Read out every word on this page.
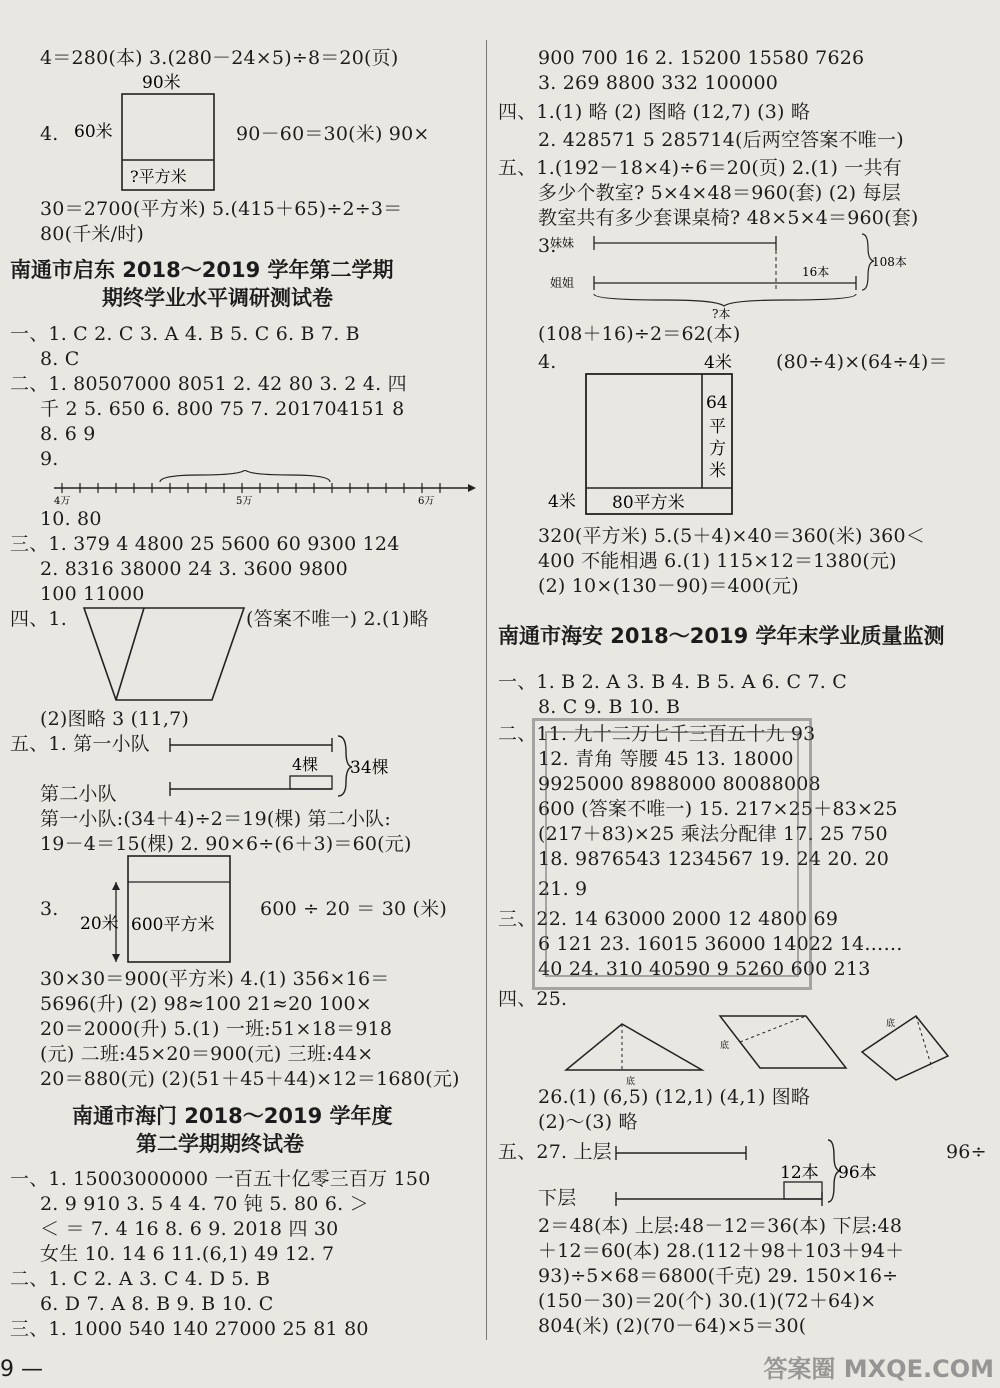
4＝280(本) 3.(280－24×5)÷8＝20(页)
4.	90－60＝30(米) 90×
30＝2700(平方米) 5.(415＋65)÷2÷3＝
80(千米/时)
一、1. C 2. C 3. A 4. B 5. C 6. B 7. B
8. C
二、1. 80507000 8051 2. 42 80 3. 2 4. 四
千 2 5. 650 6. 800 75 7. 201704151 8
8. 6 9
9.
10. 80
三、1. 379 4 4800 25 5600 60 9300 124
2. 8316 38000 24 3. 3600 9800
100 11000
四、1.	(答案不唯一) 2.(1)略
(2)图略 3 (11,7)
五、1. 第一小队
第二小队
第一小队:(34＋4)÷2＝19(棵) 第二小队:
19－4＝15(棵) 2. 90×6÷(6＋3)＝60(元)
3.	600 ÷ 20 ＝ 30 (米)
30×30＝900(平方米) 4.(1) 356×16＝
5696(升) (2) 98≈100 21≈20 100×
20＝2000(升) 5.(1) 一班:51×18＝918
(元) 二班:45×20＝900(元) 三班:44×
20＝880(元) (2)(51＋45＋44)×12＝1680(元)
一、1. 15003000000 一百五十亿零三百万 150
2. 9 910 3. 5 4 4. 70 钝 5. 80 6. ＞
＜ ＝ 7. 4 16 8. 6 9. 2018 四 30
女生 10. 14 6 11.(6,1) 49 12. 7
二、1. C 2. A 3. C 4. D 5. B
6. D 7. A 8. B 9. B 10. C
三、1. 1000 540 140 27000 25 81 80
南通市启东 2018～2019 学年第二学期
期终学业水平调研测试卷
南通市海门 2018～2019 学年度
第二学期期终试卷
900 700 16 2. 15200 15580 7626
3. 269 8800 332 100000
四、1.(1) 略 (2) 图略 (12,7) (3) 略
2. 428571 5 285714(后两空答案不唯一)
五、1.(192－18×4)÷6＝20(页) 2.(1) 一共有
多少个教室? 5×4×48＝960(套) (2) 每层
教室共有多少套课桌椅? 48×5×4＝960(套)
3.
(108＋16)÷2＝62(本)
4.	(80÷4)×(64÷4)＝
320(平方米) 5.(5＋4)×40＝360(米) 360＜
400 不能相遇 6.(1) 115×12＝1380(元)
(2) 10×(130－90)＝400(元)
一、1. B 2. A 3. B 4. B 5. A 6. C 7. C
8. C 9. B 10. B
二、11. 九十二万七千三百五十九 93
12. 青角 等腰 45 13. 18000
9925000 8988000 80088008
600 (答案不唯一) 15. 217×25＋83×25
(217＋83)×25 乘法分配律 17. 25 750
18. 9876543 1234567 19. 24 20. 20
21. 9
三、22. 14 63000 2000 12 4800 69
6 121 23. 16015 36000 14022 14……
40 24. 310 40590 9 5260 600 213
四、25.
26.(1) (6,5) (12,1) (4,1) 图略
(2)～(3) 略
五、27. 上层	96÷
下层
2＝48(本) 上层:48－12＝36(本) 下层:48
＋12＝60(本) 28.(112＋98＋103＋94＋
93)÷5×68＝6800(千克) 29. 150×16÷
(150－30)＝20(个) 30.(1)(72＋64)×
804(米) (2)(70－64)×5＝30(
南通市海安 2018～2019 学年末学业质量监测
90米
60米
?平方米
4万	5万	6万
4棵 34棵
20米 600平方米
妹妹
姐姐
16本
108本
?本
4米
64
平
方
米
4米 80平方米
底
底
底
12本 96本
答案圈 MXQE.COM
9 —
